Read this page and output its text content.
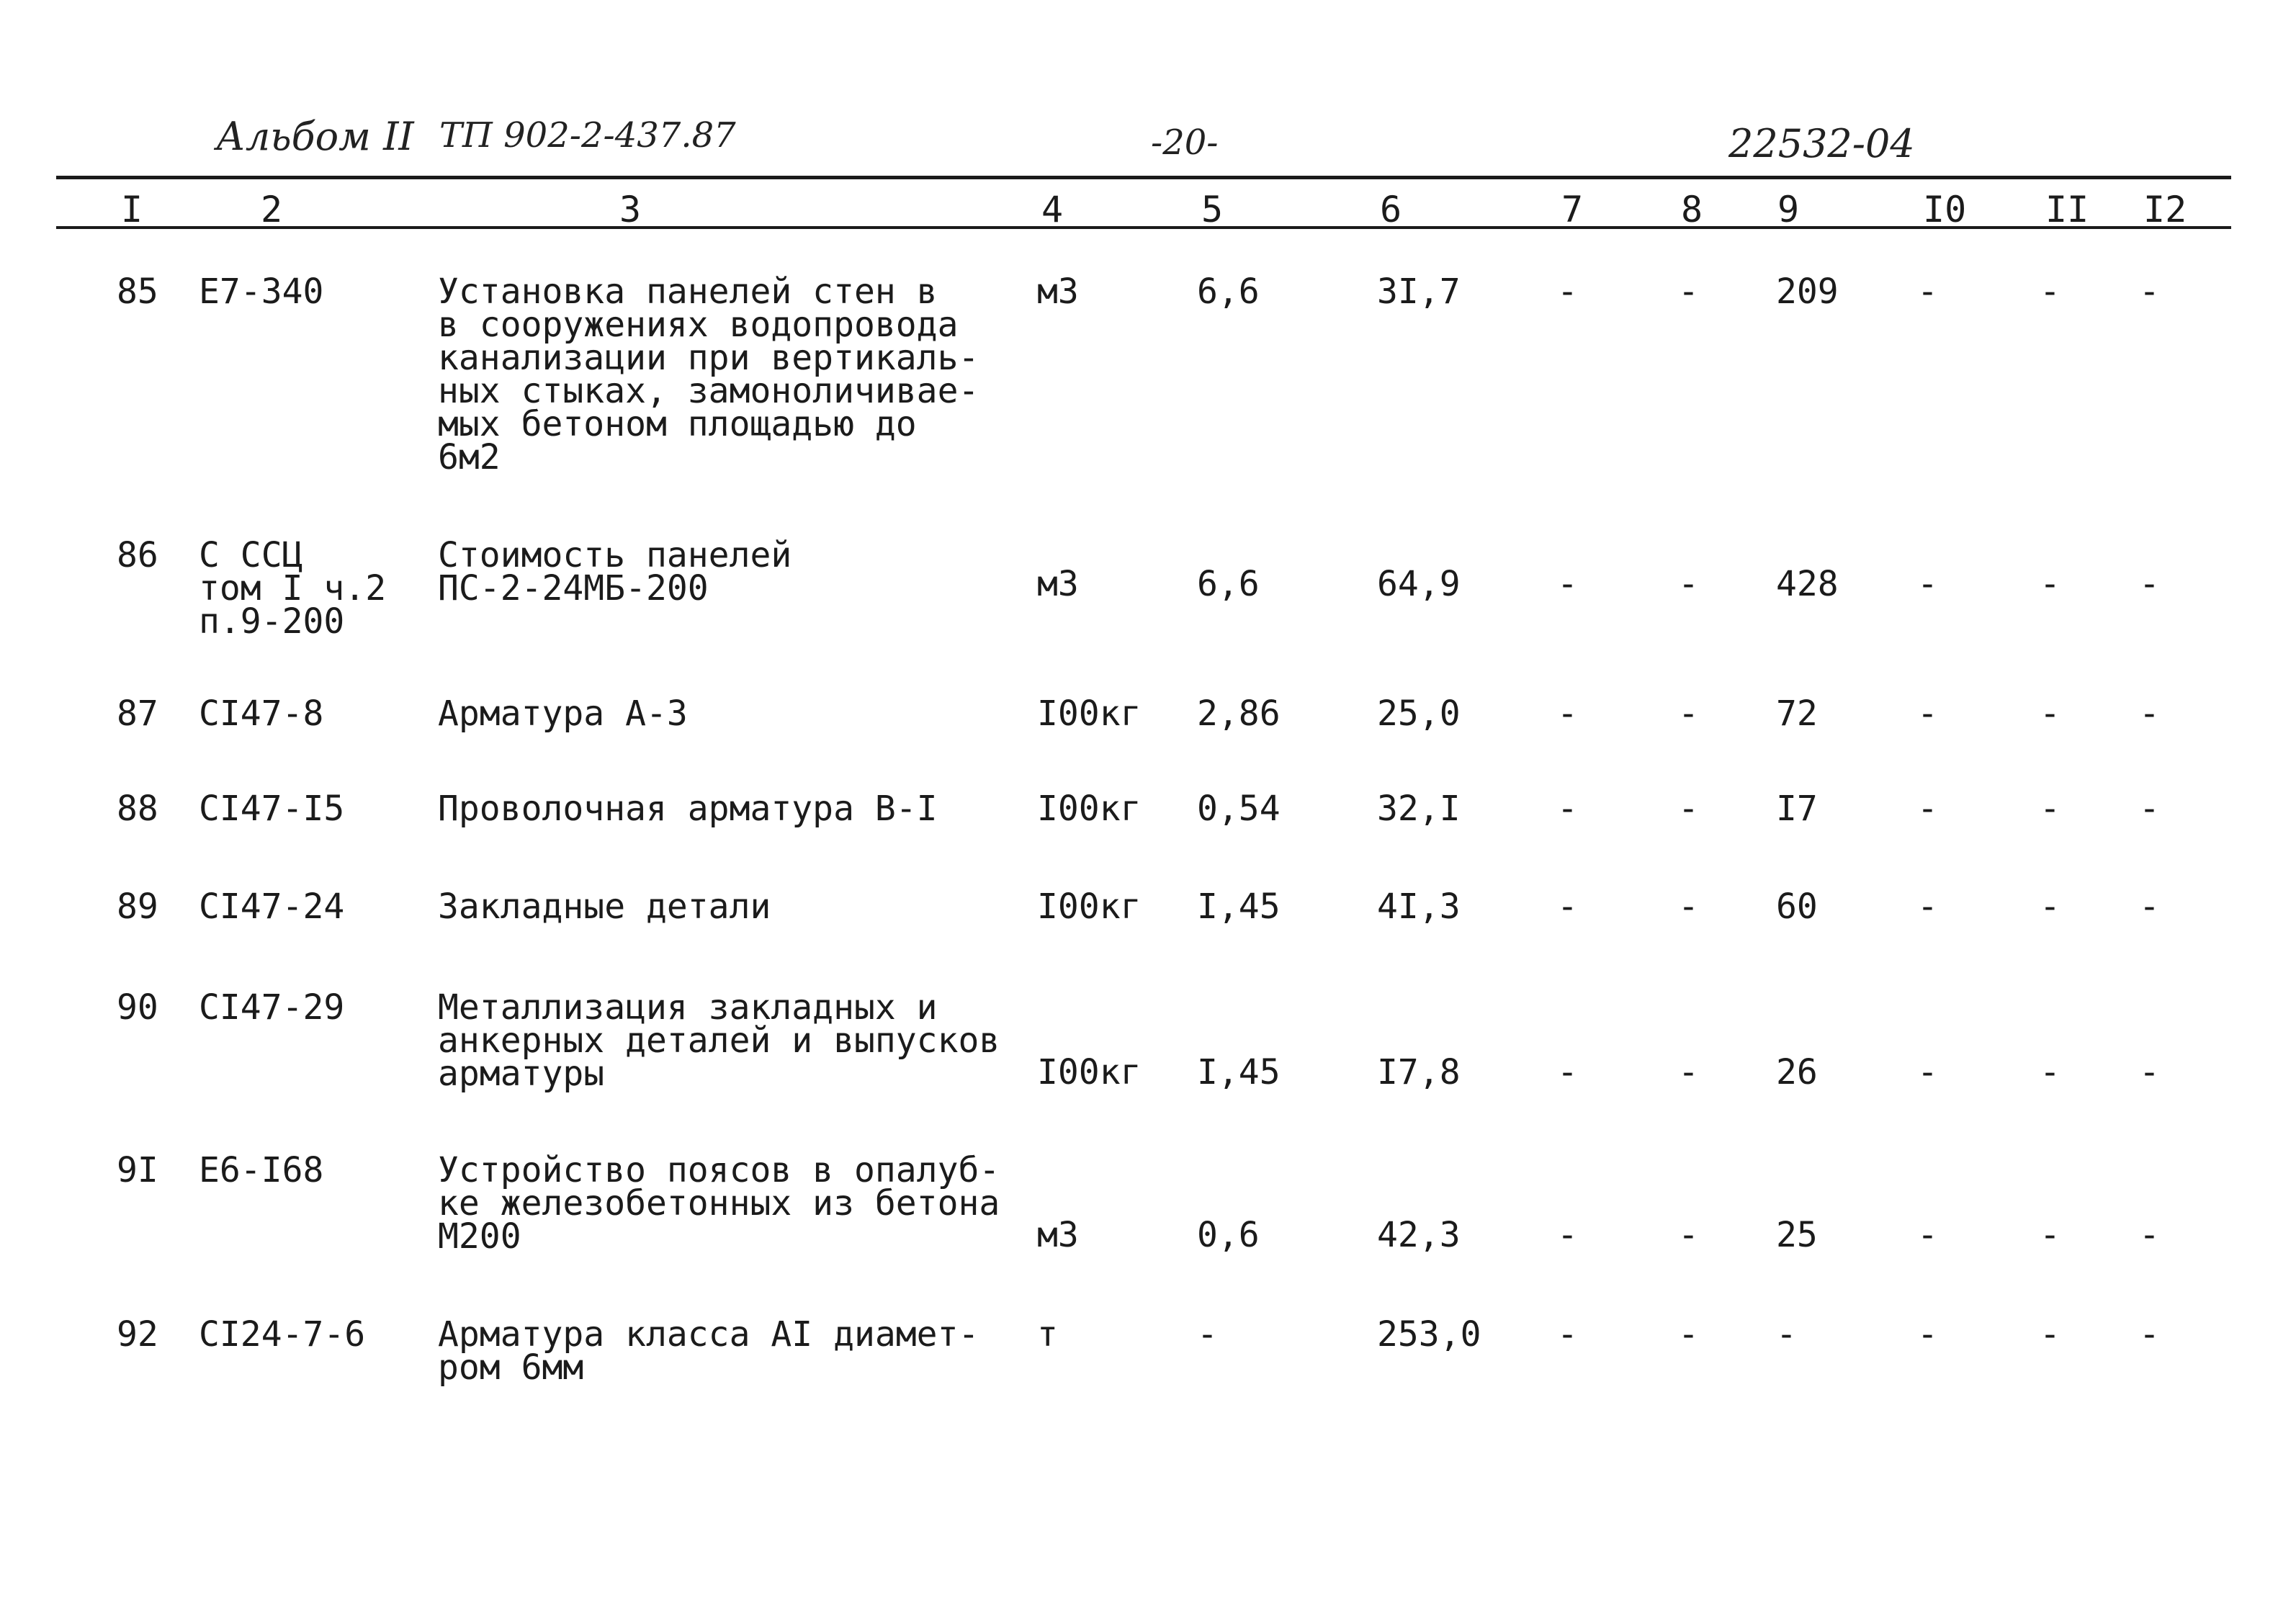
Альбом II ТП 902-2-437.87	-20-	22532-04
I	2	3	4	5	6	7	8 9	I0 II I2
85 Е7-340	Установка панелей стен в
в сооружениях водопровода
канализации при вертикаль-
ных стыках, замоноличивае-
мых бетоном площадью до
6м2
м3	6,6	3I,7	-	- 209 -	- -
86 С ССЦ
том I ч.2
п.9-200
Стоимость панелей
ПС-2-24МБ-200	м3	6,6	64,9	-	- 428 -	- -
87 СI47-8	Арматура А-3	I00кг 2,86	25,0	-	- 72	-	- -
88 СI47-I5	Проволочная арматура В-I	I00кг 0,54	32,I	-	- I7	-	- -
89 СI47-24	Закладные детали	I00кг I,45	4I,3	-	- 60	-	- -
90 СI47-29	Металлизация закладных и
анкерных деталей и выпусков
арматуры	I00кг I,45	I7,8	-	- 26	-	- -
9I Е6-I68	Устройство поясов в опалуб-
ке железобетонных из бетона
М200	м3	0,6	42,3	-	- 25	-	- -
92 СI24-7-6 Арматура класса АI диамет-
ром 6мм
т	-	253,0 -	- -	-	- -
